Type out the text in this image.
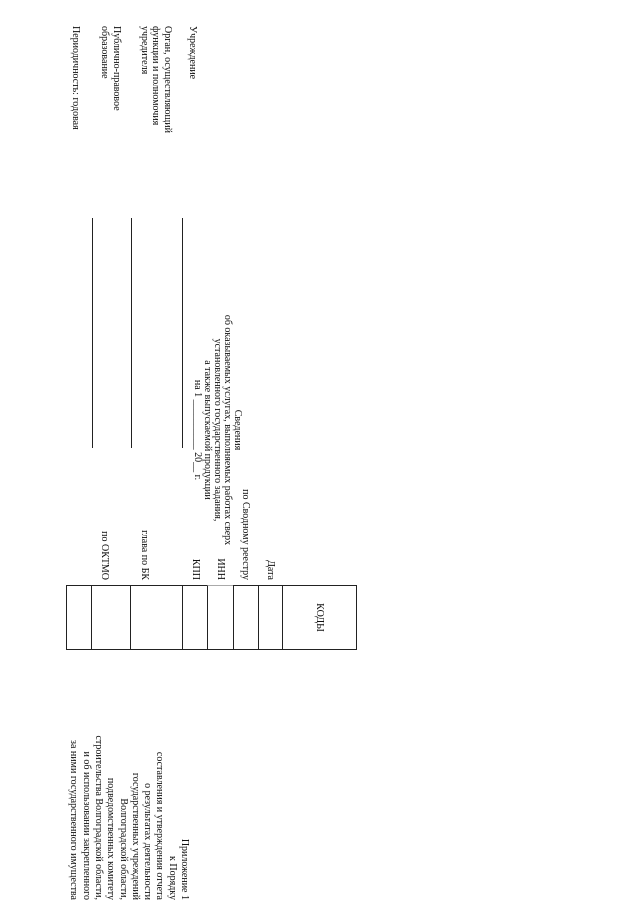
Приложение 1
к Порядку
составления и утверждения отчета
о результатах деятельности
государственных учреждений
Волгоградской области,
подведомственных комитету
строительства Волгоградской области,
и об использовании закрепленного
за ними государственного имущества
Сведения
об оказываемых услугах, выполняемых работах сверх
установленного государственного задания,
а также выпускаемой продукции
на 1 __________ 20__ г.
КОДЫ
Дата
по Сводному реестру
ИНН
КПП
глава по БК
по ОКТМО
Учреждение
Орган, осуществляющий функции и полномочия учредителя
Публично-правовое образование
Периодичность: годовая
